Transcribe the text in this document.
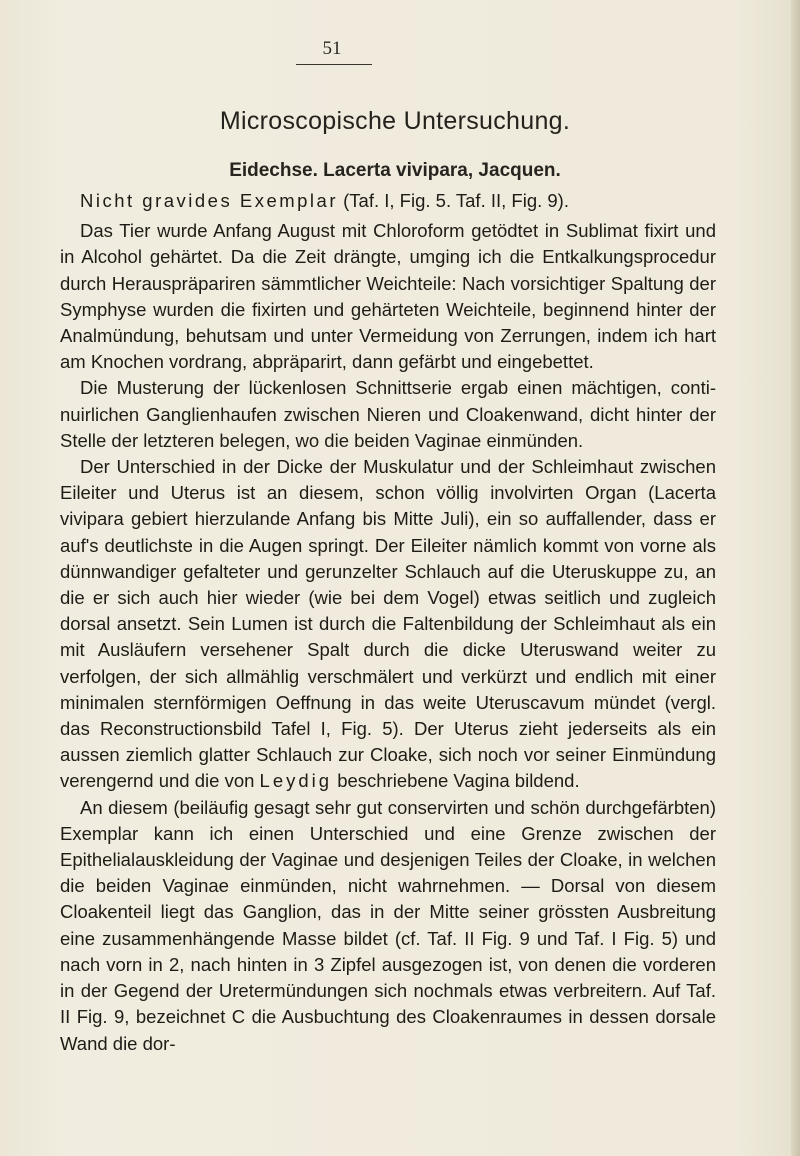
51
Microscopische Untersuchung.
Eidechse. Lacerta vivipara, Jacquen.

Nicht gravides Exemplar (Taf. I, Fig. 5. Taf. II, Fig. 9).

Das Tier wurde Anfang August mit Chloroform getödtet in Sublimat fixirt und in Alcohol gehärtet. Da die Zeit drängte, umging ich die Entkalkungsprocedur durch Herauspräpariren sämmtlicher Weichteile: Nach vorsichtiger Spaltung der Symphyse wurden die fixirten und gehärteten Weichteile, beginnend hinter der Analmündung, behutsam und unter Vermeidung von Zerrungen, indem ich hart am Knochen vordrang, abpräparirt, dann gefärbt und eingebettet.

Die Musterung der lückenlosen Schnittserie ergab einen mächtigen, continuirlichen Ganglienhaufen zwischen Nieren und Cloakenwand, dicht hinter der Stelle der letzteren belegen, wo die beiden Vaginae einmünden.

Der Unterschied in der Dicke der Muskulatur und der Schleimhaut zwischen Eileiter und Uterus ist an diesem, schon völlig involvirten Organ (Lacerta vivipara gebiert hierzulande Anfang bis Mitte Juli), ein so auffallender, dass er auf's deutlichste in die Augen springt. Der Eileiter nämlich kommt von vorne als dünnwandiger gefalteter und gerunzelter Schlauch auf die Uteruskuppe zu, an die er sich auch hier wieder (wie bei dem Vogel) etwas seitlich und zugleich dorsal ansetzt. Sein Lumen ist durch die Faltenbildung der Schleimhaut als ein mit Ausläufern versehener Spalt durch die dicke Uteruswand weiter zu verfolgen, der sich allmählig verschmälert und verkürzt und endlich mit einer minimalen sternförmigen Oeffnung in das weite Uteruscavum mündet (vergl. das Reconstructionsbild Tafel I, Fig. 5). Der Uterus zieht jederseits als ein aussen ziemlich glatter Schlauch zur Cloake, sich noch vor seiner Einmündung verengernd und die von Leydig beschriebene Vagina bildend.

An diesem (beiläufig gesagt sehr gut conservirten und schön durchgefärbten) Exemplar kann ich einen Unterschied und eine Grenze zwischen der Epithelialauskleidung der Vaginae und desjenigen Teiles der Cloake, in welchen die beiden Vaginae einmünden, nicht wahrnehmen. — Dorsal von diesem Cloakenteil liegt das Ganglion, das in der Mitte seiner grössten Ausbreitung eine zusammenhängende Masse bildet (cf. Taf. II Fig. 9 und Taf. I Fig. 5) und nach vorn in 2, nach hinten in 3 Zipfel ausgezogen ist, von denen die vorderen in der Gegend der Uretermündungen sich nochmals etwas verbreitern. Auf Taf. II Fig. 9, bezeichnet C die Ausbuchtung des Cloakenraumes in dessen dorsale Wand die dor-
